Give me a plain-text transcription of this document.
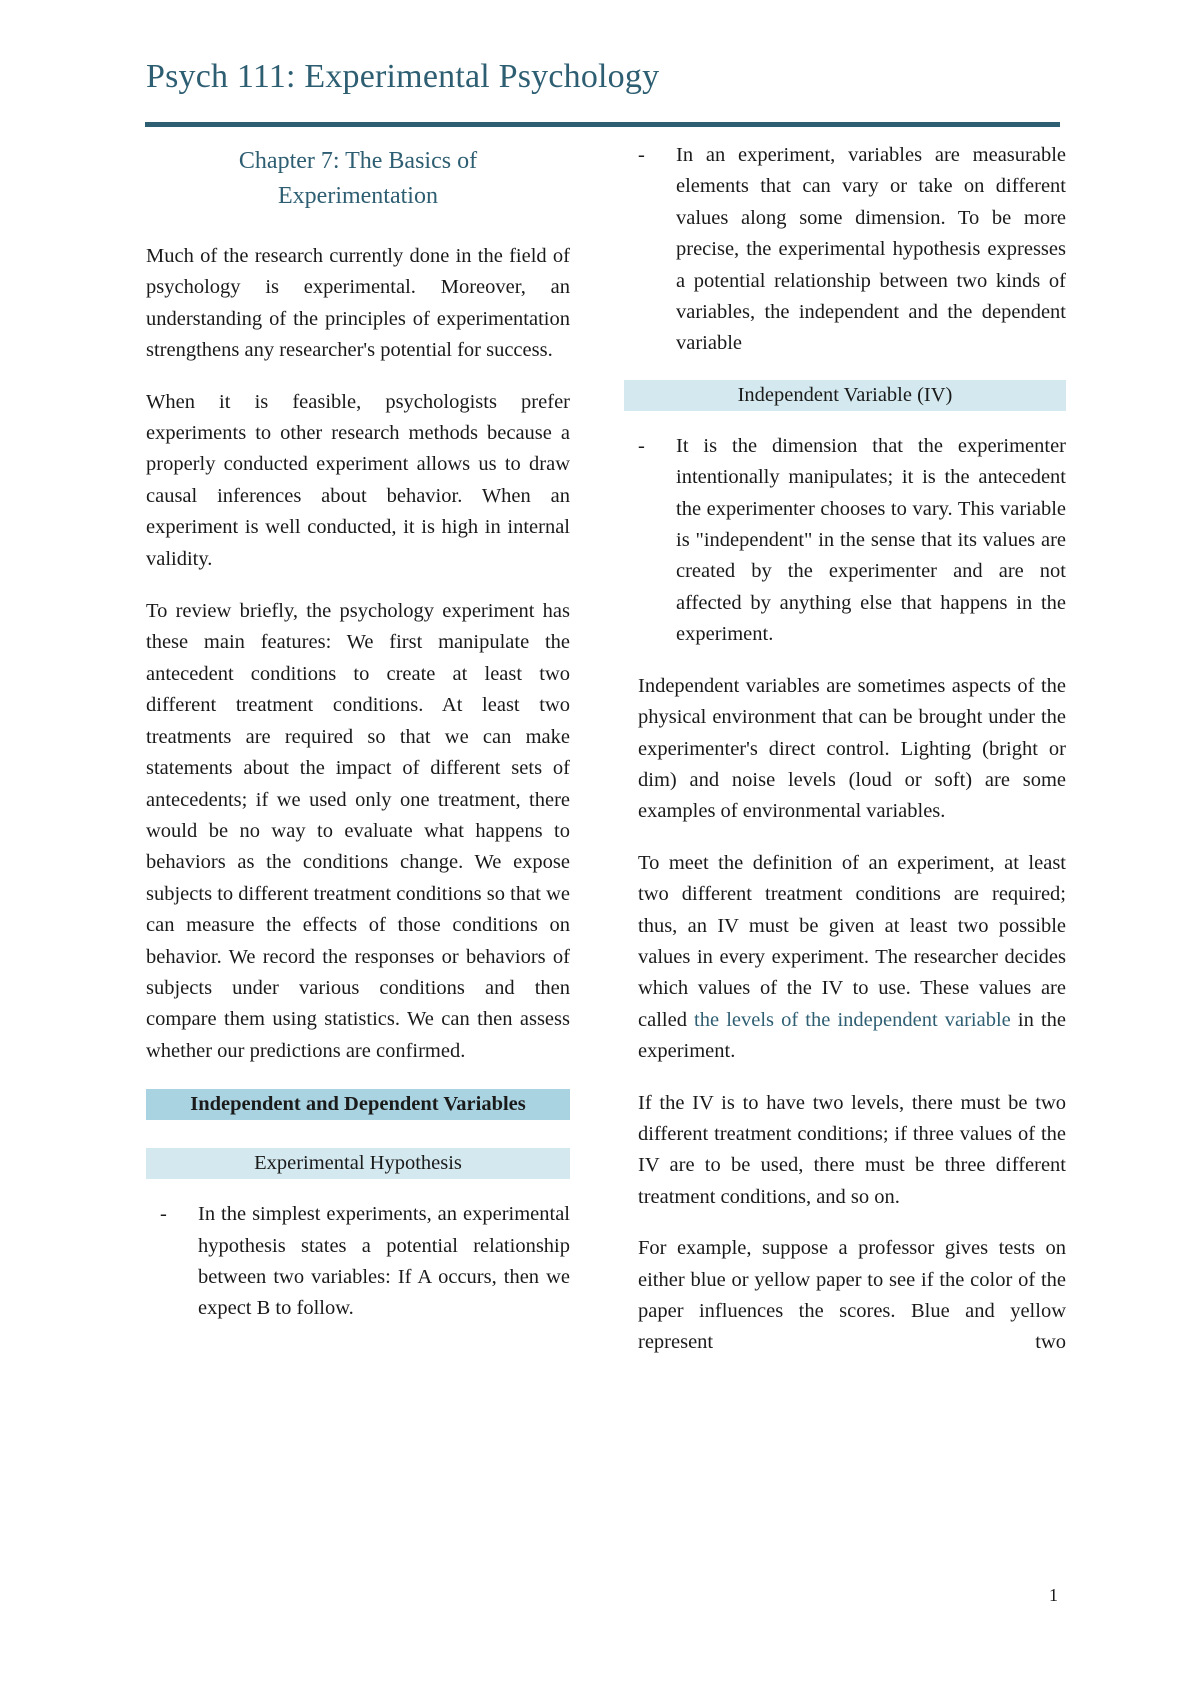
Psych 111: Experimental Psychology
Chapter 7: The Basics of
Experimentation

Much of the research currently done in the field of psychology is experimental. Moreover, an understanding of the principles of experimentation strengthens any researcher's potential for success.

When it is feasible, psychologists prefer experiments to other research methods because a properly conducted experiment allows us to draw causal inferences about behavior. When an experiment is well conducted, it is high in internal validity.

To review briefly, the psychology experiment has these main features: We first manipulate the antecedent conditions to create at least two different treatment conditions. At least two treatments are required so that we can make statements about the impact of different sets of antecedents; if we used only one treatment, there would be no way to evaluate what happens to behaviors as the conditions change. We expose subjects to different treatment conditions so that we can measure the effects of those conditions on behavior. We record the responses or behaviors of subjects under various conditions and then compare them using statistics. We can then assess whether our predictions are confirmed.

Independent and Dependent Variables
Experimental Hypothesis
- In the simplest experiments, an experimental hypothesis states a potential relationship between two variables: If A occurs, then we expect B to follow.
- In an experiment, variables are measurable elements that can vary or take on different values along some dimension. To be more precise, the experimental hypothesis expresses a potential relationship between two kinds of variables, the independent and the dependent variable
Independent Variable (IV)
- It is the dimension that the experimenter intentionally manipulates; it is the antecedent the experimenter chooses to vary. This variable is "independent" in the sense that its values are created by the experimenter and are not affected by anything else that happens in the experiment.

Independent variables are sometimes aspects of the physical environment that can be brought under the experimenter's direct control. Lighting (bright or dim) and noise levels (loud or soft) are some examples of environmental variables.

To meet the definition of an experiment, at least two different treatment conditions are required; thus, an IV must be given at least two possible values in every experiment. The researcher decides which values of the IV to use. These values are called the levels of the independent variable in the experiment.

If the IV is to have two levels, there must be two different treatment conditions; if three values of the IV are to be used, there must be three different treatment conditions, and so on.

For example, suppose a professor gives tests on either blue or yellow paper to see if the color of the paper influences the scores. Blue and yellow represent two

1
